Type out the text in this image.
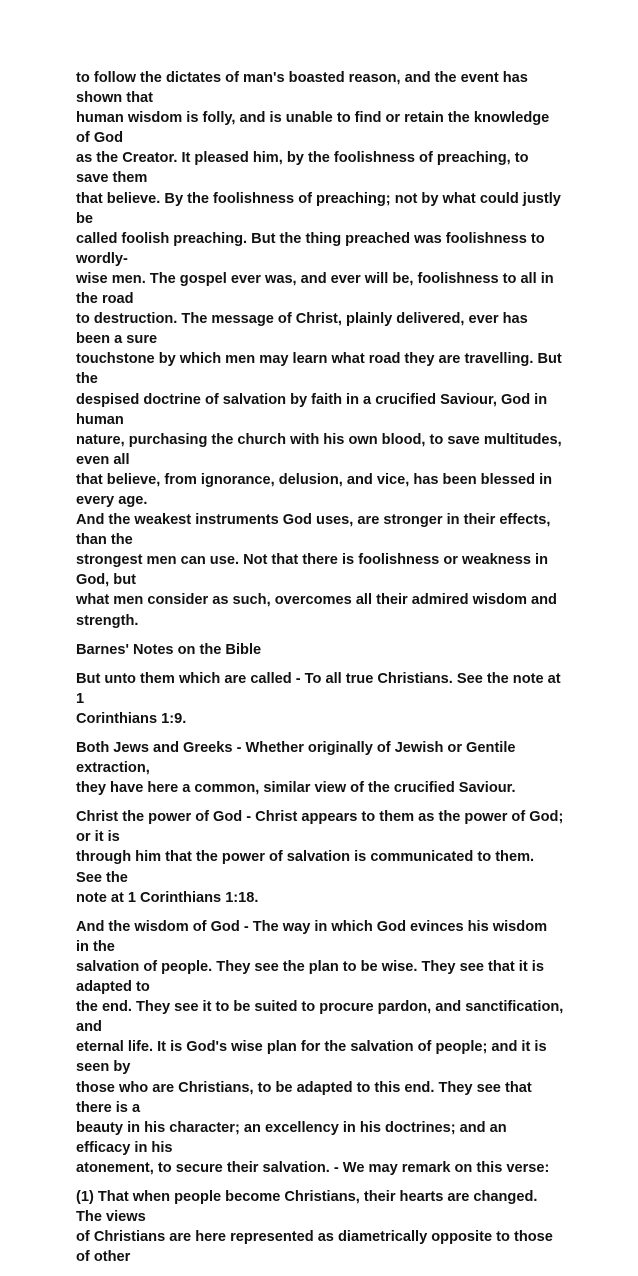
to follow the dictates of man's boasted reason, and the event has shown that
human wisdom is folly, and is unable to find or retain the knowledge of God
as the Creator. It pleased him, by the foolishness of preaching, to save them
that believe. By the foolishness of preaching; not by what could justly be
called foolish preaching. But the thing preached was foolishness to wordly-
wise men. The gospel ever was, and ever will be, foolishness to all in the road
to destruction. The message of Christ, plainly delivered, ever has been a sure
touchstone by which men may learn what road they are travelling. But the
despised doctrine of salvation by faith in a crucified Saviour, God in human
nature, purchasing the church with his own blood, to save multitudes, even all
that believe, from ignorance, delusion, and vice, has been blessed in every age.
And the weakest instruments God uses, are stronger in their effects, than the
strongest men can use. Not that there is foolishness or weakness in God, but
what men consider as such, overcomes all their admired wisdom and strength.

Barnes' Notes on the Bible

But unto them which are called - To all true Christians. See the note at 1
Corinthians 1:9.

Both Jews and Greeks - Whether originally of Jewish or Gentile extraction,
they have here a common, similar view of the crucified Saviour.

Christ the power of God - Christ appears to them as the power of God; or it is
through him that the power of salvation is communicated to them. See the
note at 1 Corinthians 1:18.

And the wisdom of God - The way in which God evinces his wisdom in the
salvation of people. They see the plan to be wise. They see that it is adapted to
the end. They see it to be suited to procure pardon, and sanctification, and
eternal life. It is God's wise plan for the salvation of people; and it is seen by
those who are Christians, to be adapted to this end. They see that there is a
beauty in his character; an excellency in his doctrines; and an efficacy in his
atonement, to secure their salvation. - We may remark on this verse:

(1) That when people become Christians, their hearts are changed. The views
of Christians are here represented as diametrically opposite to those of other
